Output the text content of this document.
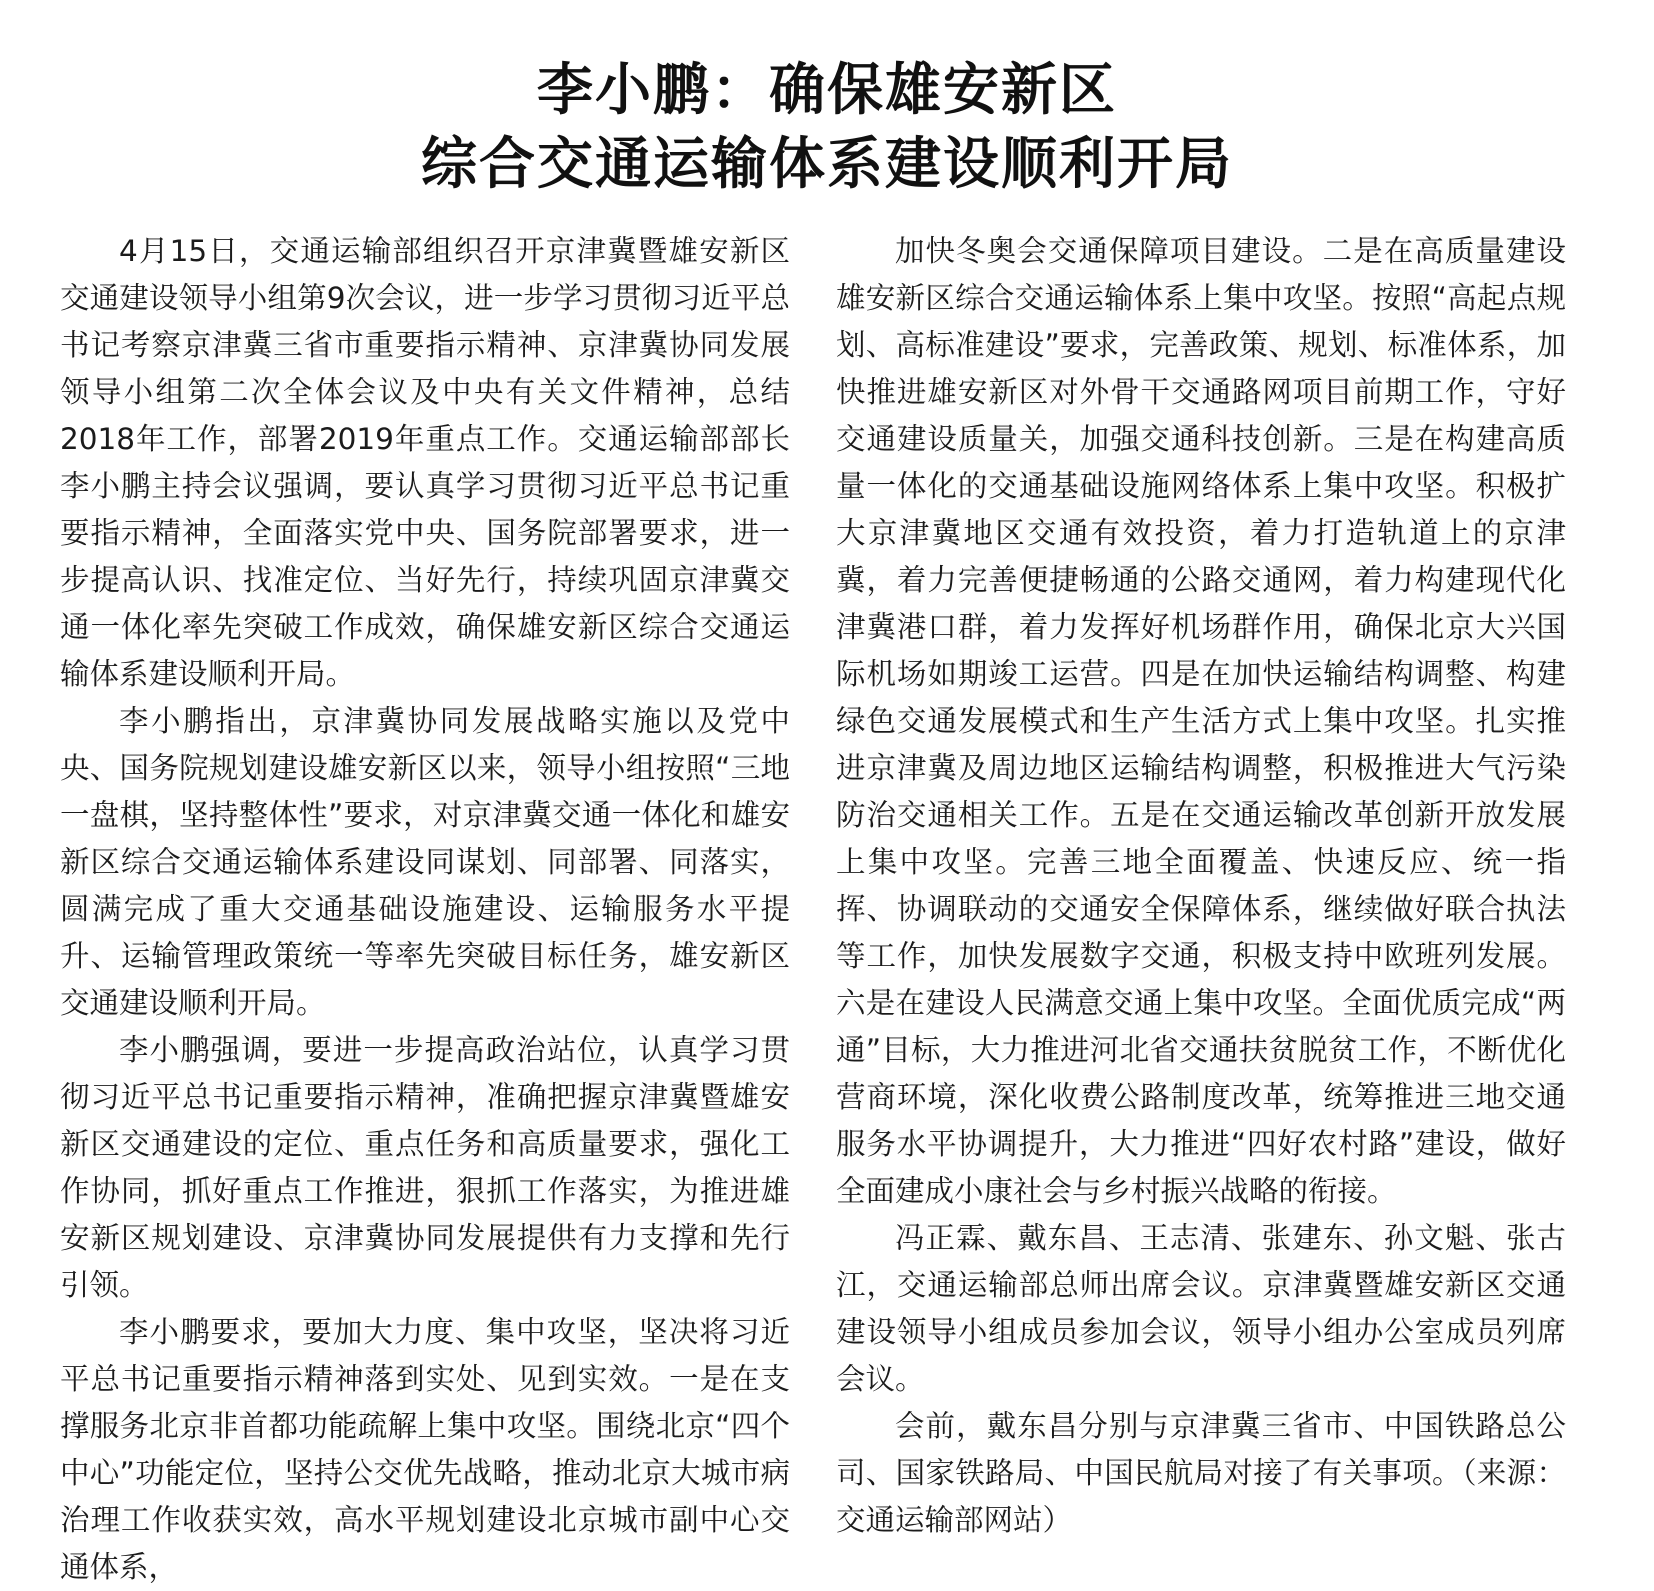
李小鹏：确保雄安新区
综合交通运输体系建设顺利开局

4月15日，交通运输部组织召开京津冀暨雄安新区交通建设领导小组第9次会议，进一步学习贯彻习近平总书记考察京津冀三省市重要指示精神、京津冀协同发展领导小组第二次全体会议及中央有关文件精神，总结2018年工作，部署2019年重点工作。交通运输部部长李小鹏主持会议强调，要认真学习贯彻习近平总书记重要指示精神，全面落实党中央、国务院部署要求，进一步提高认识、找准定位、当好先行，持续巩固京津冀交通一体化率先突破工作成效，确保雄安新区综合交通运输体系建设顺利开局。

李小鹏指出，京津冀协同发展战略实施以及党中央、国务院规划建设雄安新区以来，领导小组按照“三地一盘棋，坚持整体性”要求，对京津冀交通一体化和雄安新区综合交通运输体系建设同谋划、同部署、同落实，圆满完成了重大交通基础设施建设、运输服务水平提升、运输管理政策统一等率先突破目标任务，雄安新区交通建设顺利开局。

李小鹏强调，要进一步提高政治站位，认真学习贯彻习近平总书记重要指示精神，准确把握京津冀暨雄安新区交通建设的定位、重点任务和高质量要求，强化工作协同，抓好重点工作推进，狠抓工作落实，为推进雄安新区规划建设、京津冀协同发展提供有力支撑和先行引领。

李小鹏要求，要加大力度、集中攻坚，坚决将习近平总书记重要指示精神落到实处、见到实效。一是在支撑服务北京非首都功能疏解上集中攻坚。围绕北京“四个中心”功能定位，坚持公交优先战略，推动北京大城市病治理工作收获实效，高水平规划建设北京城市副中心交通体系，

加快冬奥会交通保障项目建设。二是在高质量建设雄安新区综合交通运输体系上集中攻坚。按照“高起点规划、高标准建设”要求，完善政策、规划、标准体系，加快推进雄安新区对外骨干交通路网项目前期工作，守好交通建设质量关，加强交通科技创新。三是在构建高质量一体化的交通基础设施网络体系上集中攻坚。积极扩大京津冀地区交通有效投资，着力打造轨道上的京津冀，着力完善便捷畅通的公路交通网，着力构建现代化津冀港口群，着力发挥好机场群作用，确保北京大兴国际机场如期竣工运营。四是在加快运输结构调整、构建绿色交通发展模式和生产生活方式上集中攻坚。扎实推进京津冀及周边地区运输结构调整，积极推进大气污染防治交通相关工作。五是在交通运输改革创新开放发展上集中攻坚。完善三地全面覆盖、快速反应、统一指挥、协调联动的交通安全保障体系，继续做好联合执法等工作，加快发展数字交通，积极支持中欧班列发展。六是在建设人民满意交通上集中攻坚。全面优质完成“两通”目标，大力推进河北省交通扶贫脱贫工作，不断优化营商环境，深化收费公路制度改革，统筹推进三地交通服务水平协调提升，大力推进“四好农村路”建设，做好全面建成小康社会与乡村振兴战略的衔接。

冯正霖、戴东昌、王志清、张建东、孙文魁、张古江，交通运输部总师出席会议。京津冀暨雄安新区交通建设领导小组成员参加会议，领导小组办公室成员列席会议。

会前，戴东昌分别与京津冀三省市、中国铁路总公司、国家铁路局、中国民航局对接了有关事项。（来源：交通运输部网站）
